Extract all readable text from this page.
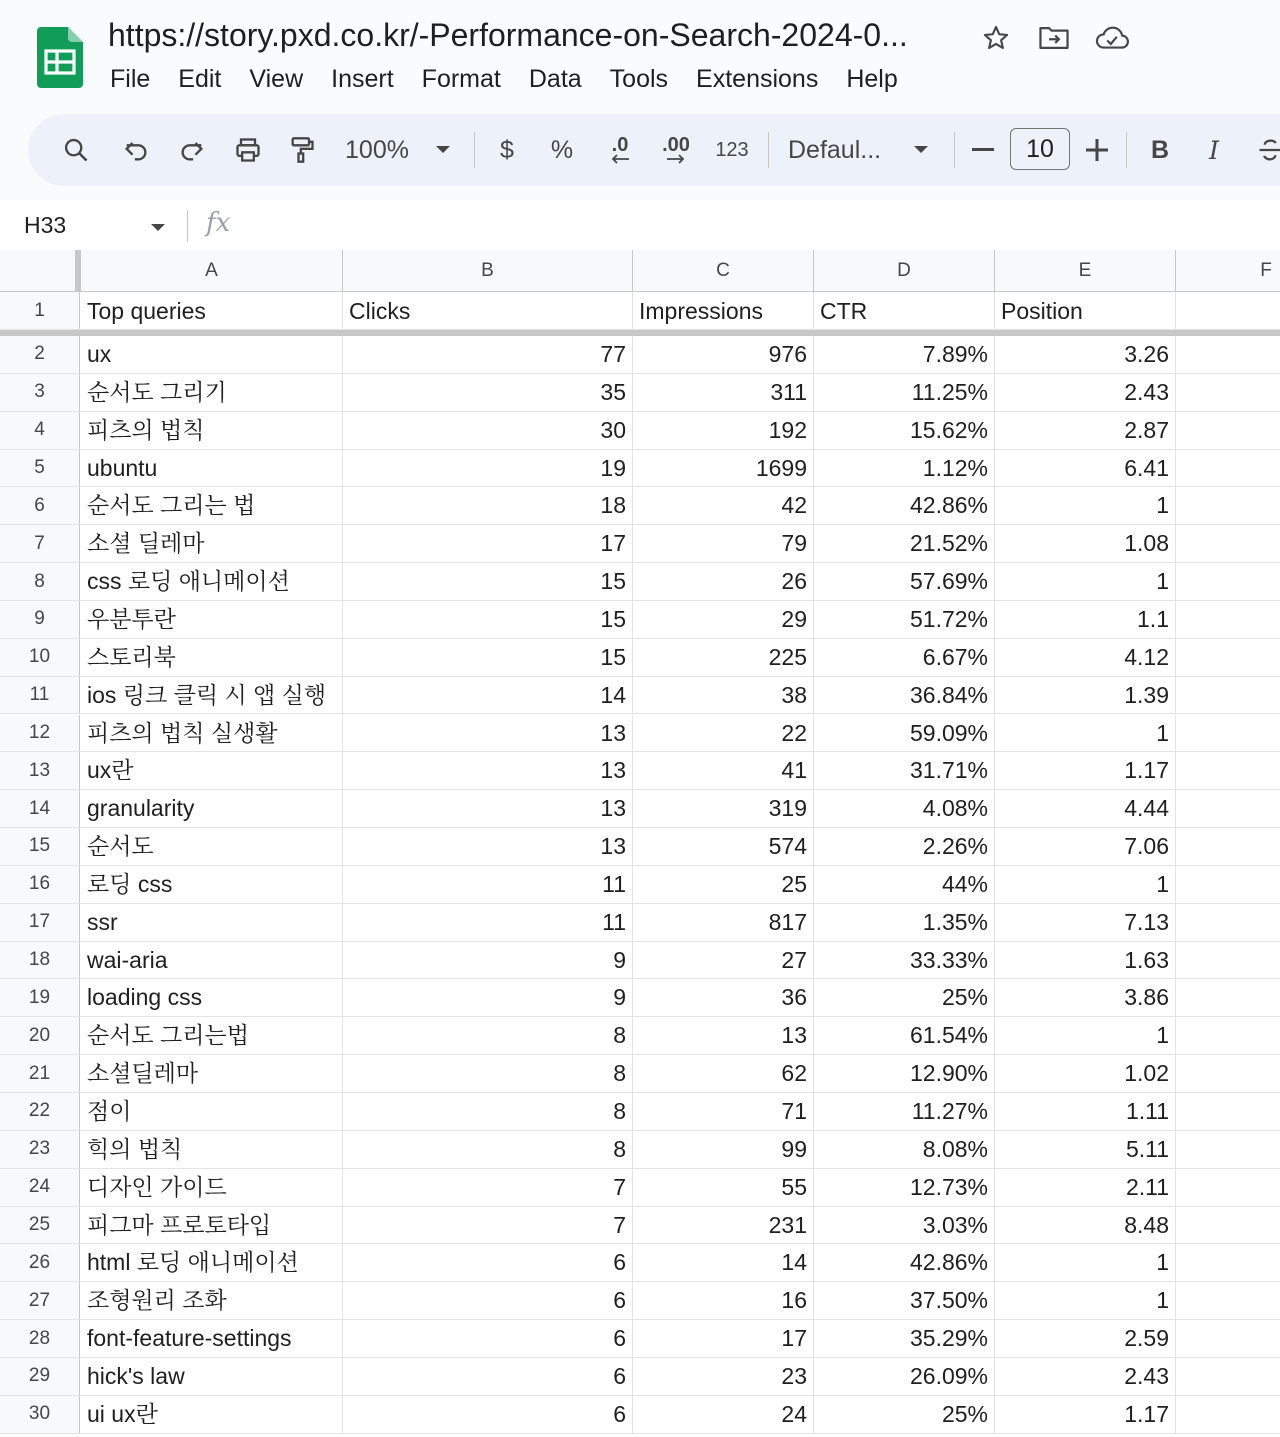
https://story.pxd.co.kr/-Performance-on-Search-2024-0...
File	Edit	View	Insert	Format	Data	Tools	Extensions	Help
100%	$	% .0 .00 123 Defaul...	10	B	I
H33	fx
A	B	C	D	E	F
1	Top queries	Clicks	Impressions	CTR	Position
2	ux	77	976	7.89%	3.26
3	순서도 그리기	35	311	11.25%	2.43
4	피츠의 법칙	30	192	15.62%	2.87
5	ubuntu	19	1699	1.12%	6.41
6	순서도 그리는 법	18	42	42.86%	1
7	소셜 딜레마	17	79	21.52%	1.08
8	css 로딩 애니메이션	15	26	57.69%	1
9	우분투란	15	29	51.72%	1.1
10	스토리북	15	225	6.67%	4.12
11	ios 링크 클릭 시 앱 실행	14	38	36.84%	1.39
12	피츠의 법칙 실생활	13	22	59.09%	1
13	ux란	13	41	31.71%	1.17
14	granularity	13	319	4.08%	4.44
15	순서도	13	574	2.26%	7.06
16	로딩 css	11	25	44%	1
17	ssr	11	817	1.35%	7.13
18	wai-aria	9	27	33.33%	1.63
19	loading css	9	36	25%	3.86
20	순서도 그리는법	8	13	61.54%	1
21	소셜딜레마	8	62	12.90%	1.02
22	점이	8	71	11.27%	1.11
23	힉의 법칙	8	99	8.08%	5.11
24	디자인 가이드	7	55	12.73%	2.11
25	피그마 프로토타입	7	231	3.03%	8.48
26	html 로딩 애니메이션	6	14	42.86%	1
27	조형원리 조화	6	16	37.50%	1
28	font-feature-settings	6	17	35.29%	2.59
29	hick's law	6	23	26.09%	2.43
30	ui ux란	6	24	25%	1.17
